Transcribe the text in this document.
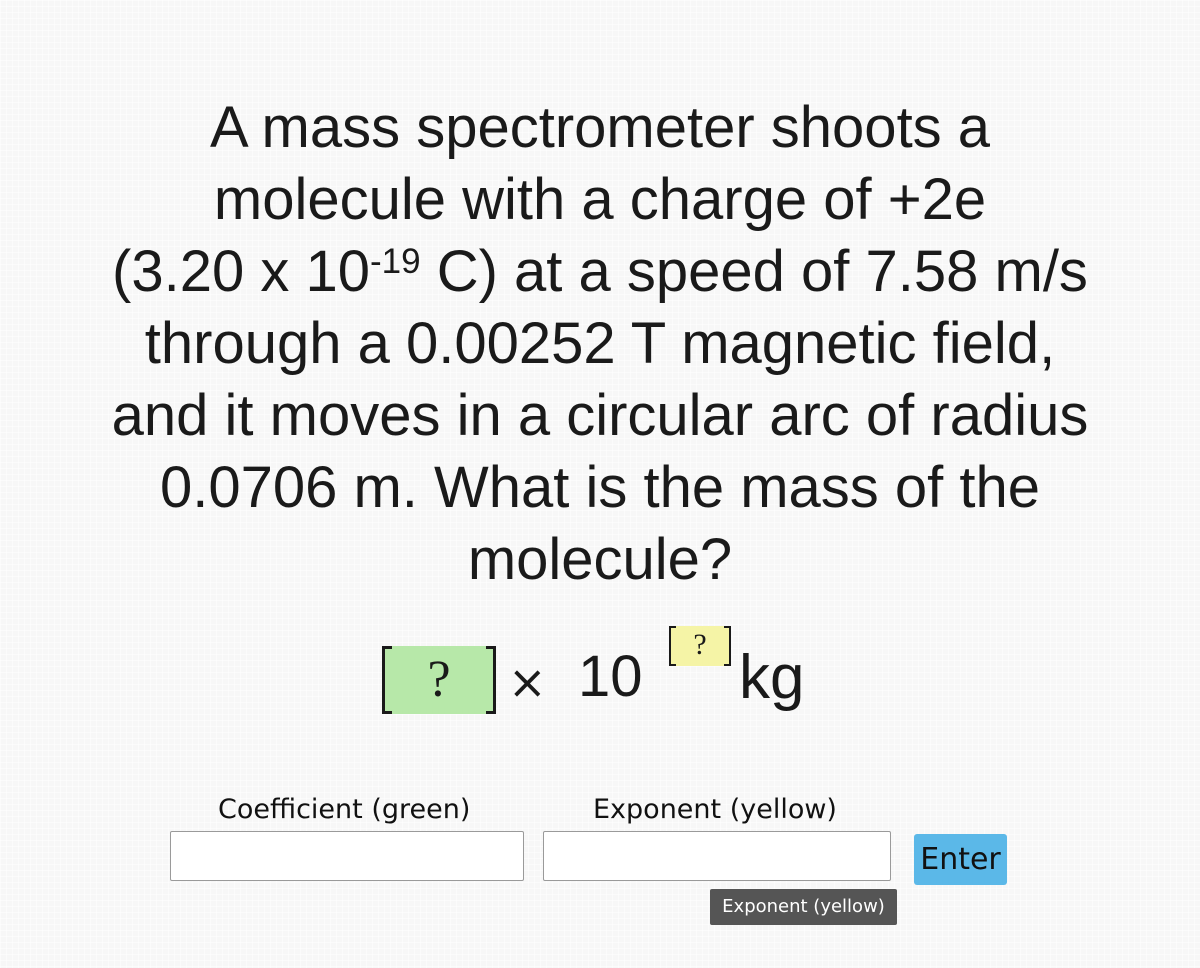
A mass spectrometer shoots a
molecule with a charge of +2e
(3.20 x $10^{-19}$ C) at a speed of 7.58 m/s
through a 0.00252 T magnetic field,
and it moves in a circular arc of radius
0.0706 m. What is the mass of the
molecule?
?	× 10	? kg
Coefficient (green)	Exponent (yellow)
Enter
Exponent (yellow)
